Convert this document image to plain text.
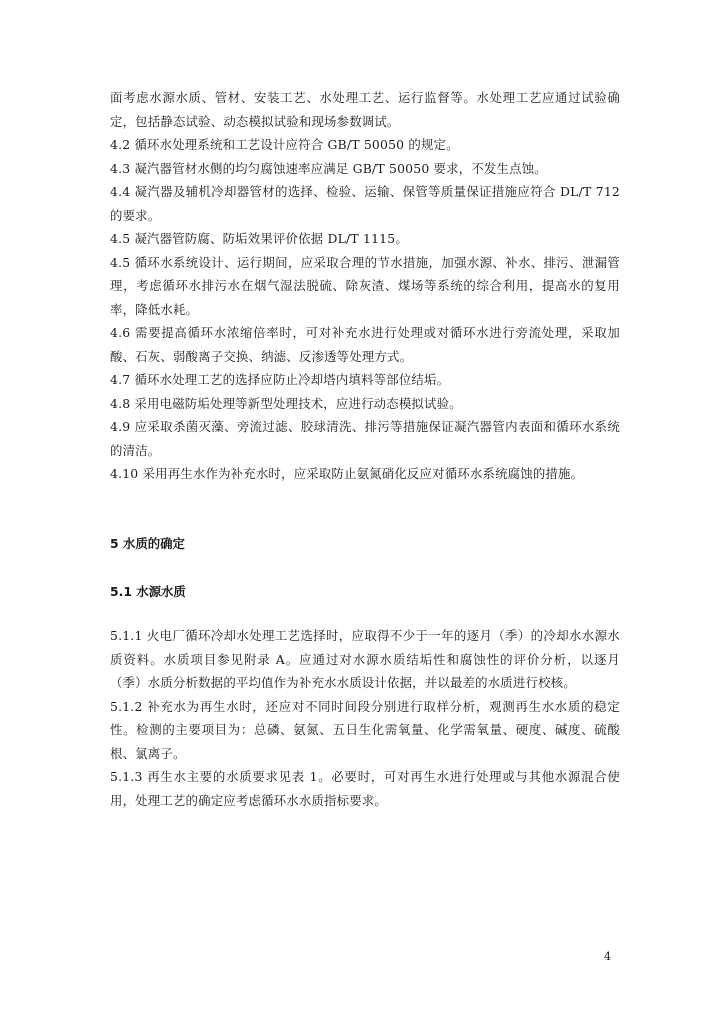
面考虑水源水质、管材、安装工艺、水处理工艺、运行监督等。水处理工艺应通过试验确定，包括静态试验、动态模拟试验和现场参数调试。

4.2 循环水处理系统和工艺设计应符合 GB/T 50050 的规定。

4.3 凝汽器管材水侧的均匀腐蚀速率应满足 GB/T 50050 要求，不发生点蚀。

4.4 凝汽器及辅机冷却器管材的选择、检验、运输、保管等质量保证措施应符合 DL/T 712 的要求。

4.5 凝汽器管防腐、防垢效果评价依据 DL/T 1115。

4.5 循环水系统设计、运行期间，应采取合理的节水措施，加强水源、补水、排污、泄漏管理，考虑循环水排污水在烟气湿法脱硫、除灰渣、煤场等系统的综合利用，提高水的复用率，降低水耗。

4.6 需要提高循环水浓缩倍率时，可对补充水进行处理或对循环水进行旁流处理，采取加酸、石灰、弱酸离子交换、纳滤、反渗透等处理方式。

4.7 循环水处理工艺的选择应防止冷却塔内填料等部位结垢。

4.8 采用电磁防垢处理等新型处理技术，应进行动态模拟试验。

4.9 应采取杀菌灭藻、旁流过滤、胶球清洗、排污等措施保证凝汽器管内表面和循环水系统的清洁。

4.10 采用再生水作为补充水时，应采取防止氨氮硝化反应对循环水系统腐蚀的措施。

5 水质的确定
5.1 水源水质

5.1.1 火电厂循环冷却水处理工艺选择时，应取得不少于一年的逐月（季）的冷却水水源水质资料。水质项目参见附录 A。应通过对水源水质结垢性和腐蚀性的评价分析，以逐月（季）水质分析数据的平均值作为补充水水质设计依据，并以最差的水质进行校核。

5.1.2 补充水为再生水时，还应对不同时间段分别进行取样分析，观测再生水水质的稳定性。检测的主要项目为：总磷、氨氮、五日生化需氧量、化学需氧量、硬度、碱度、硫酸根、氯离子。

5.1.3 再生水主要的水质要求见表 1。必要时，可对再生水进行处理或与其他水源混合使用，处理工艺的确定应考虑循环水水质指标要求。

4
